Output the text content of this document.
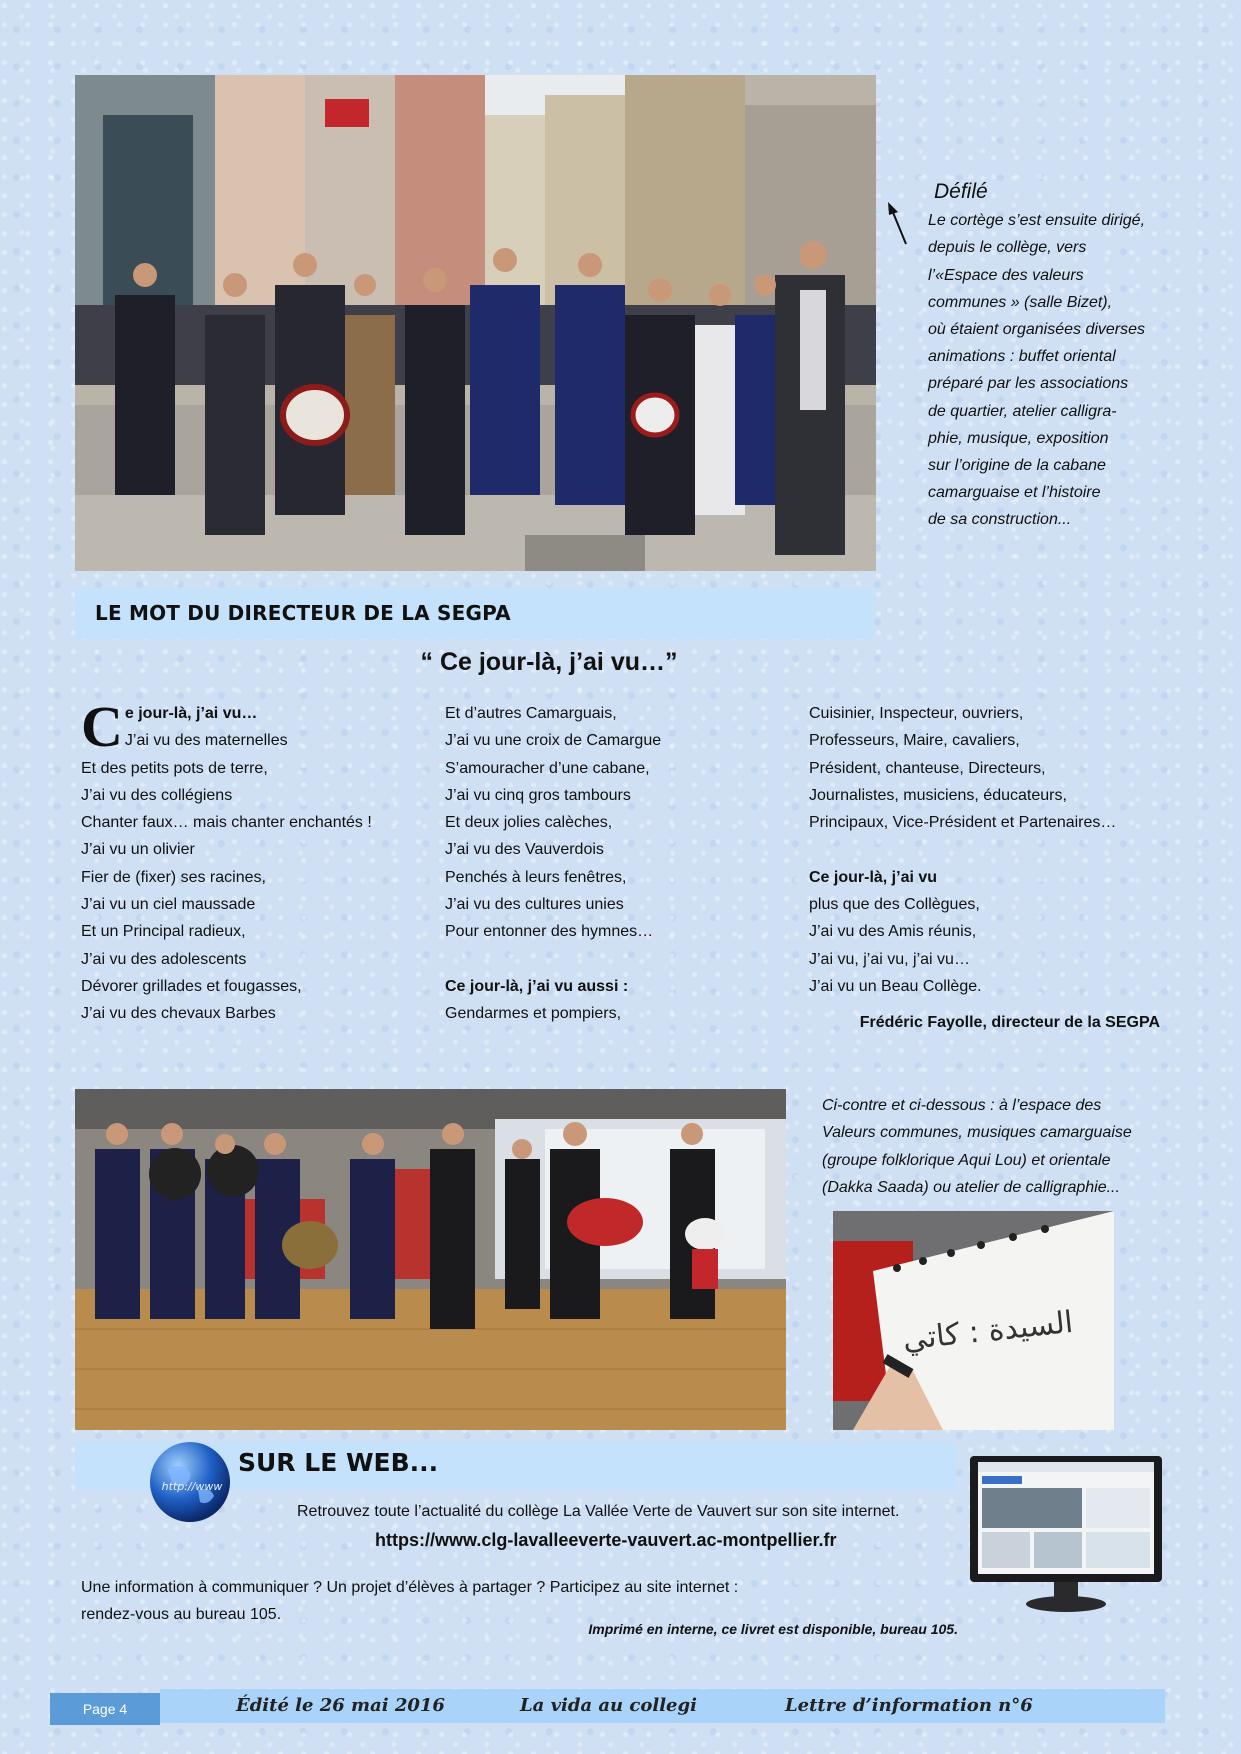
Défilé
Le cortège s’est ensuite dirigé,
depuis le collège, vers
l’«Espace des valeurs
communes » (salle Bizet),
où étaient organisées diverses
animations : buffet oriental
préparé par les associations
de quartier, atelier calligra-
phie, musique, exposition
sur l’origine de la cabane
camarguaise et l’histoire
de sa construction...
LE MOT DU DIRECTEUR DE LA SEGPA
“ Ce jour-là, j’ai vu…”
C e jour-là, j’ai vu…
J’ai vu des maternelles
Et des petits pots de terre,
J’ai vu des collégiens
Chanter faux… mais chanter enchantés !
J’ai vu un olivier
Fier de (fixer) ses racines,
J’ai vu un ciel maussade
Et un Principal radieux,
J’ai vu des adolescents
Dévorer grillades et fougasses,
J’ai vu des chevaux Barbes
Et d’autres Camarguais,
J’ai vu une croix de Camargue
S’amouracher d’une cabane,
J’ai vu cinq gros tambours
Et deux jolies calèches,
J’ai vu des Vauverdois
Penchés à leurs fenêtres,
J’ai vu des cultures unies
Pour entonner des hymnes…
Ce jour-là, j’ai vu aussi :
Gendarmes et pompiers,
Cuisinier, Inspecteur, ouvriers,
Professeurs, Maire, cavaliers,
Président, chanteuse, Directeurs,
Journalistes, musiciens, éducateurs,
Principaux, Vice-Président et Partenaires…
Ce jour-là, j’ai vu
plus que des Collègues,
J’ai vu des Amis réunis,
J’ai vu, j’ai vu, j’ai vu…
J’ai vu un Beau Collège.
Frédéric Fayolle, directeur de la SEGPA
Ci-contre et ci-dessous : à l’espace des
Valeurs communes, musiques camarguaise
(groupe folklorique Aqui Lou) et orientale
(Dakka Saada) ou atelier de calligraphie...
السيدة : كاتي
http://www
SUR LE WEB...
Retrouvez toute l’actualité du collège La Vallée Verte de Vauvert sur son site internet.
https://www.clg-lavalleeverte-vauvert.ac-montpellier.fr
Une information à communiquer ? Un projet d’élèves à partager ? Participez au site internet :
rendez-vous au bureau 105.
Imprimé en interne, ce livret est disponible, bureau 105.
Page 4	Édité le 26 mai 2016	La vida au collegi	Lettre d’information n°6
